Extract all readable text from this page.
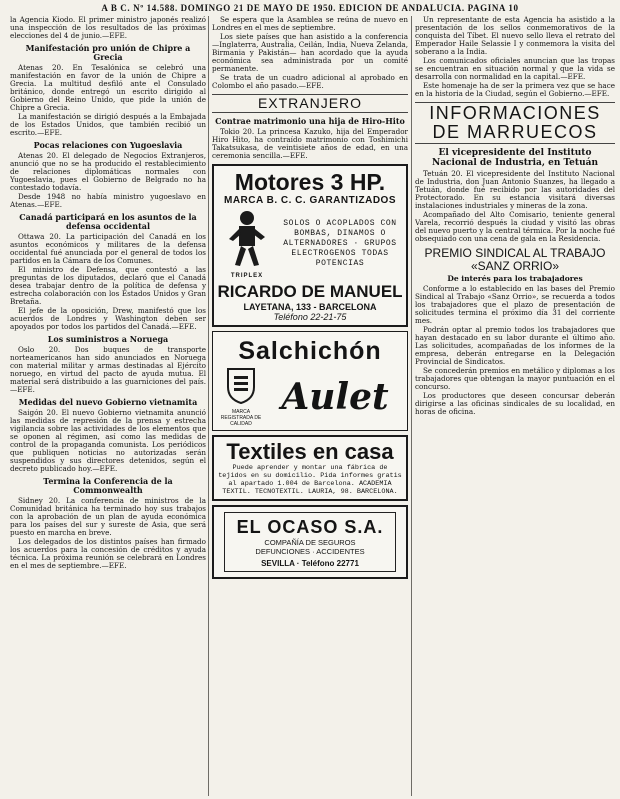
A B C. Nº 14.588. DOMINGO 21 DE MAYO DE 1950. EDICION DE ANDALUCIA. PAGINA 10

la Agencia Kiodo. El primer ministro japonés realizó una inspección de los resultados de las próximas elecciones del 4 de junio.—EFE.

Manifestación pro unión de Chipre a Grecia

Atenas 20. En Tesalónica se celebró una manifestación en favor de la unión de Chipre a Grecia. La multitud desfiló ante el Consulado británico, donde entregó un escrito dirigido al Gobierno del Reino Unido, que pide la unión de Chipre a Grecia.

La manifestación se dirigió después a la Embajada de los Estados Unidos, que también recibió un escrito.—EFE.

Pocas relaciones con Yugoeslavia

Atenas 20. El delegado de Negocios Extranjeros, anunció que no se ha producido el restablecimiento de relaciones diplomáticas normales con Yugoeslavia, pues el Gobierno de Belgrado no ha contestado todavía.

Desde 1948 no había ministro yugoeslavo en Atenas.—EFE.

Canadá participará en los asuntos de la defensa occidental

Ottawa 20. La participación del Canadá en los asuntos económicos y militares de la defensa occidental fué anunciada por el general de todos los partidos en la Cámara de los Comunes.

El ministro de Defensa, que contestó a las preguntas de los diputados, declaró que el Canadá desea trabajar dentro de la política de defensa y estrecha colaboración con los Estados Unidos y Gran Bretaña.

El jefe de la oposición, Drew, manifestó que los acuerdos de Londres y Washington deben ser apoyados por todos los partidos del Canadá.—EFE.

Los suministros a Noruega

Oslo 20. Dos buques de transporte norteamericanos han sido anunciados en Noruega con material militar y armas destinadas al Ejército noruego, en virtud del pacto de ayuda mutua. El material será distribuido a las guarniciones del país.—EFE.

Medidas del nuevo Gobierno vietnamita

Saigón 20. El nuevo Gobierno vietnamita anunció las medidas de represión de la prensa y estrecha vigilancia sobre las actividades de los elementos que se oponen al régimen, así como las medidas de control de la propaganda comunista. Los periódicos que publiquen noticias no autorizadas serán suspendidos y sus directores detenidos, según el decreto publicado hoy.—EFE.

Termina la Conferencia de la Commonwealth

Sidney 20. La conferencia de ministros de la Comunidad británica ha terminado hoy sus trabajos con la aprobación de un plan de ayuda económica para los países del sur y sureste de Asia, que será puesto en marcha en breve.

Los delegados de los distintos países han firmado los acuerdos para la concesión de créditos y ayuda técnica. La próxima reunión se celebrará en Londres en el mes de septiembre.—EFE.

Se espera que la Asamblea se reúna de nuevo en Londres en el mes de septiembre.

Los siete países que han asistido a la conferencia —Inglaterra, Australia, Ceilán, India, Nueva Zelanda, Birmania y Pakistán— han acordado que la ayuda económica sea administrada por un comité permanente.

Se trata de un cuadro adicional al aprobado en Colombo el año pasado.—EFE.

EXTRANJERO
Contrae matrimonio una hija de Hiro-Hito

Tokio 20. La princesa Kazuko, hija del Emperador Hiro Hito, ha contraído matrimonio con Toshimichi Takatsukasa, de veintisiete años de edad, en una ceremonia sencilla.—EFE.

Motores 3 HP.
MARCA B. C. C. GARANTIZADOS
TRIPLEX
SOLOS O ACOPLADOS CON BOMBAS, DINAMOS O ALTERNADORES · GRUPOS ELECTROGENOS TODAS POTENCIAS
RICARDO DE MANUEL
LAYETANA, 133 - BARCELONA
Teléfono 22-21-75
Salchichón
MARCA REGISTRADA DE CALIDAD
Aulet
Textiles en casa
Puede aprender y montar una fábrica de tejidos en su domicilio. Pida informes gratis al apartado 1.004 de Barcelona. ACADEMIA TEXTIL. TECNOTEXTIL. LAURIA, 98. BARCELONA.
EL OCASO S.A.
COMPAÑÍA DE SEGUROS
DEFUNCIONES · ACCIDENTES
SEVILLA · Teléfono 22771

Un representante de esta Agencia ha asistido a la presentación de los sellos conmemorativos de la conquista del Tíbet. El nuevo sello lleva el retrato del Emperador Haile Selassie I y conmemora la visita del soberano a la India.

Los comunicados oficiales anuncian que las tropas se encuentran en situación normal y que la vida se desarrolla con normalidad en la capital.—EFE.

Este homenaje ha de ser la primera vez que se hace en la historia de la Ciudad, según el Gobierno.—EFE.

INFORMACIONES DE MARRUECOS
El vicepresidente del Instituto Nacional de Industria, en Tetuán

Tetuán 20. El vicepresidente del Instituto Nacional de Industria, don Juan Antonio Suanzes, ha llegado a Tetuán, donde fué recibido por las autoridades del Protectorado. En su estancia visitará diversas instalaciones industriales y mineras de la zona.

Acompañado del Alto Comisario, teniente general Varela, recorrió después la ciudad y visitó las obras del nuevo puerto y la central térmica. Por la noche fué obsequiado con una cena de gala en la Residencia.

PREMIO SINDICAL AL TRABAJO «SANZ ORRIO»
De interés para los trabajadores

Conforme a lo establecido en las bases del Premio Sindical al Trabajo «Sanz Orrio», se recuerda a todos los trabajadores que el plazo de presentación de solicitudes termina el próximo día 31 del corriente mes.

Podrán optar al premio todos los trabajadores que hayan destacado en su labor durante el último año. Las solicitudes, acompañadas de los informes de la empresa, deberán entregarse en la Delegación Provincial de Sindicatos.

Se concederán premios en metálico y diplomas a los trabajadores que obtengan la mayor puntuación en el concurso.

Los productores que deseen concursar deberán dirigirse a las oficinas sindicales de su localidad, en horas de oficina.
